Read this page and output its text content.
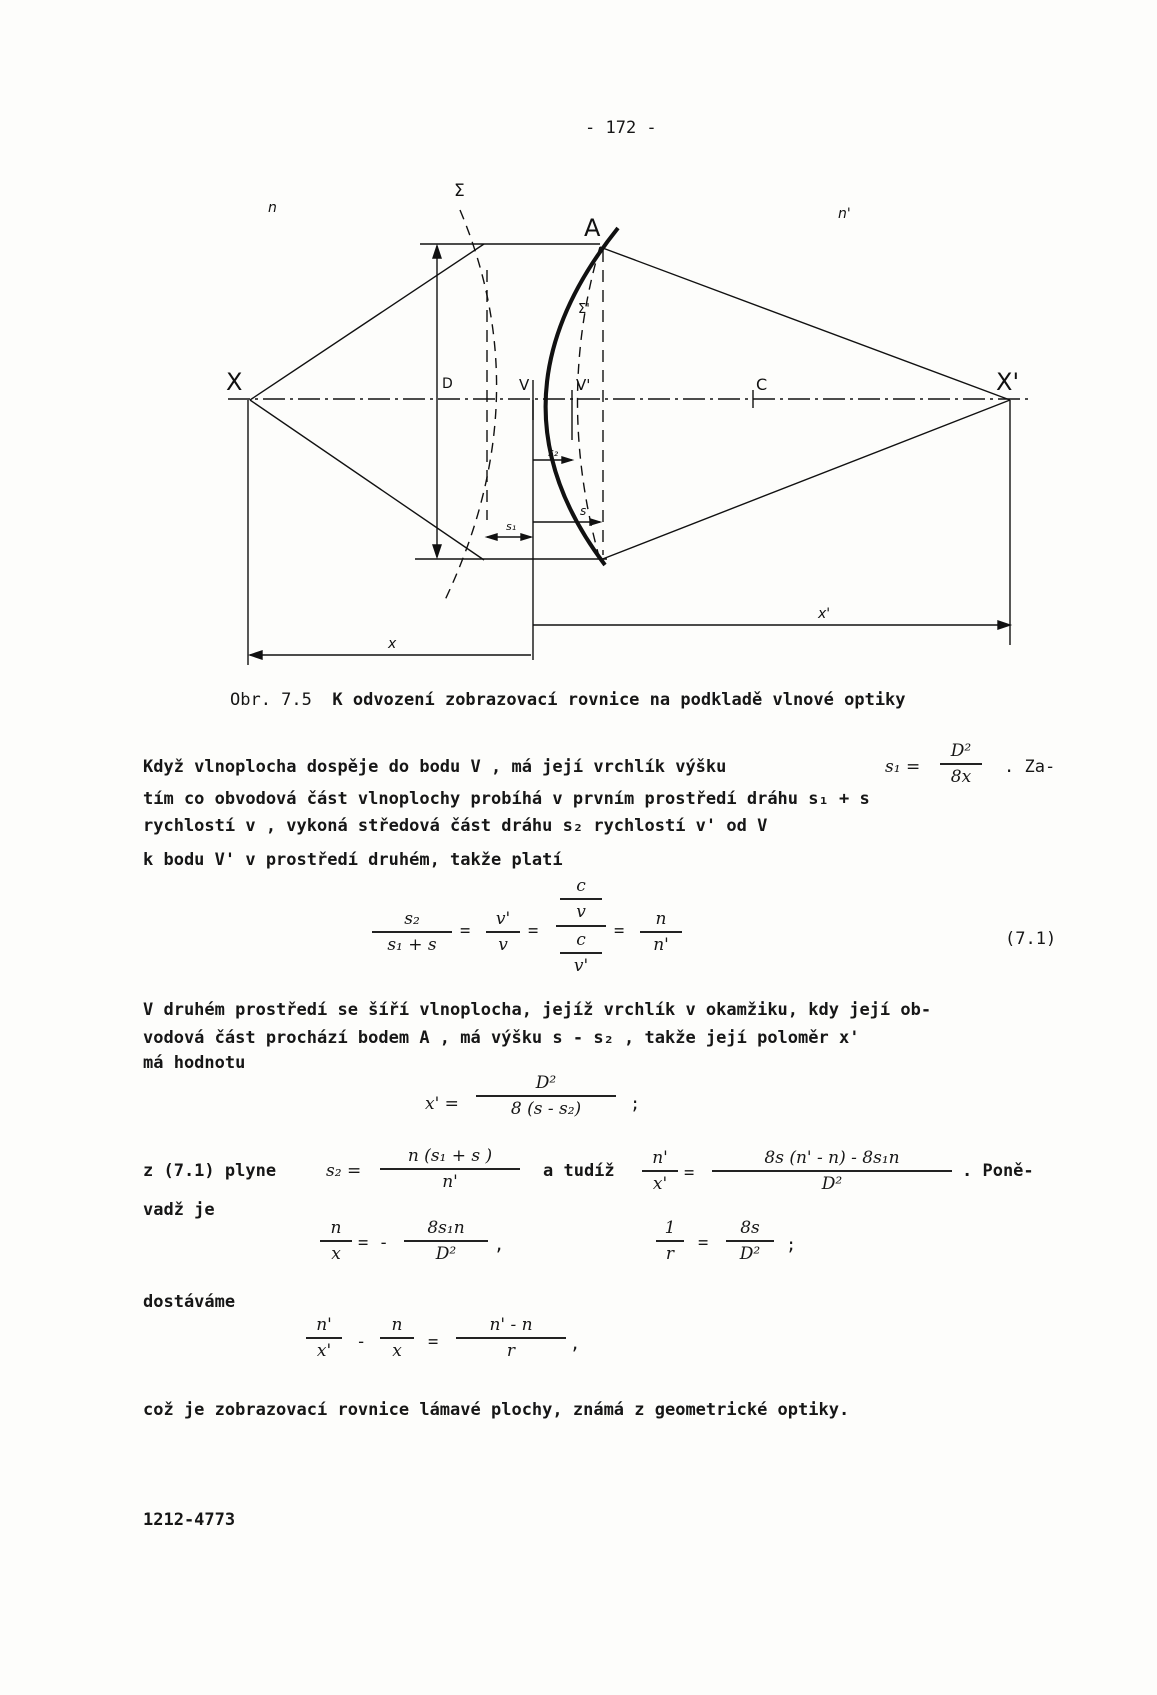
- 172 -
n	n'
Σ
Σ'
A
X	X'
D	V	V'	C
s
s₁
s₂
x
x'
Obr. 7.5 K odvození zobrazovací rovnice na podkladě vlnové optiky
Když vlnoplocha dospěje do bodu V , má její vrchlík výšku	s₁ =
D²
8x	. Za-
tím co obvodová část vlnoplochy probíhá v prvním prostředí dráhu s₁ + s
rychlostí v , vykoná středová část dráhu s₂ rychlostí v' od V
k bodu V' v prostředí druhém, takže platí
s₂
s₁ + s
=
v'
v
=
$\frac{c}{v}$
$\frac{c}{v'}$ =
n
n'	(7.1)
V druhém prostředí se šíří vlnoplocha, jejíž vrchlík v okamžiku, kdy její ob-
vodová část prochází bodem A , má výšku s - s₂ , takže její poloměr x'
má hodnotu
x' =
D²
8 (s - s₂)	;
z (7.1) plyne	s₂ =
n (s₁ + s )
n'
a tudíž
n'
x'
=
8s (n' - n) - 8s₁n
D²
. Poně-
vadž je
n
x
= -
8s₁n
D²	,
1
r
=
8s
D²	;
dostáváme
n'
x'	-
n
x	=
n' - n
r	,
což je zobrazovací rovnice lámavé plochy, známá z geometrické optiky.
1212-4773
